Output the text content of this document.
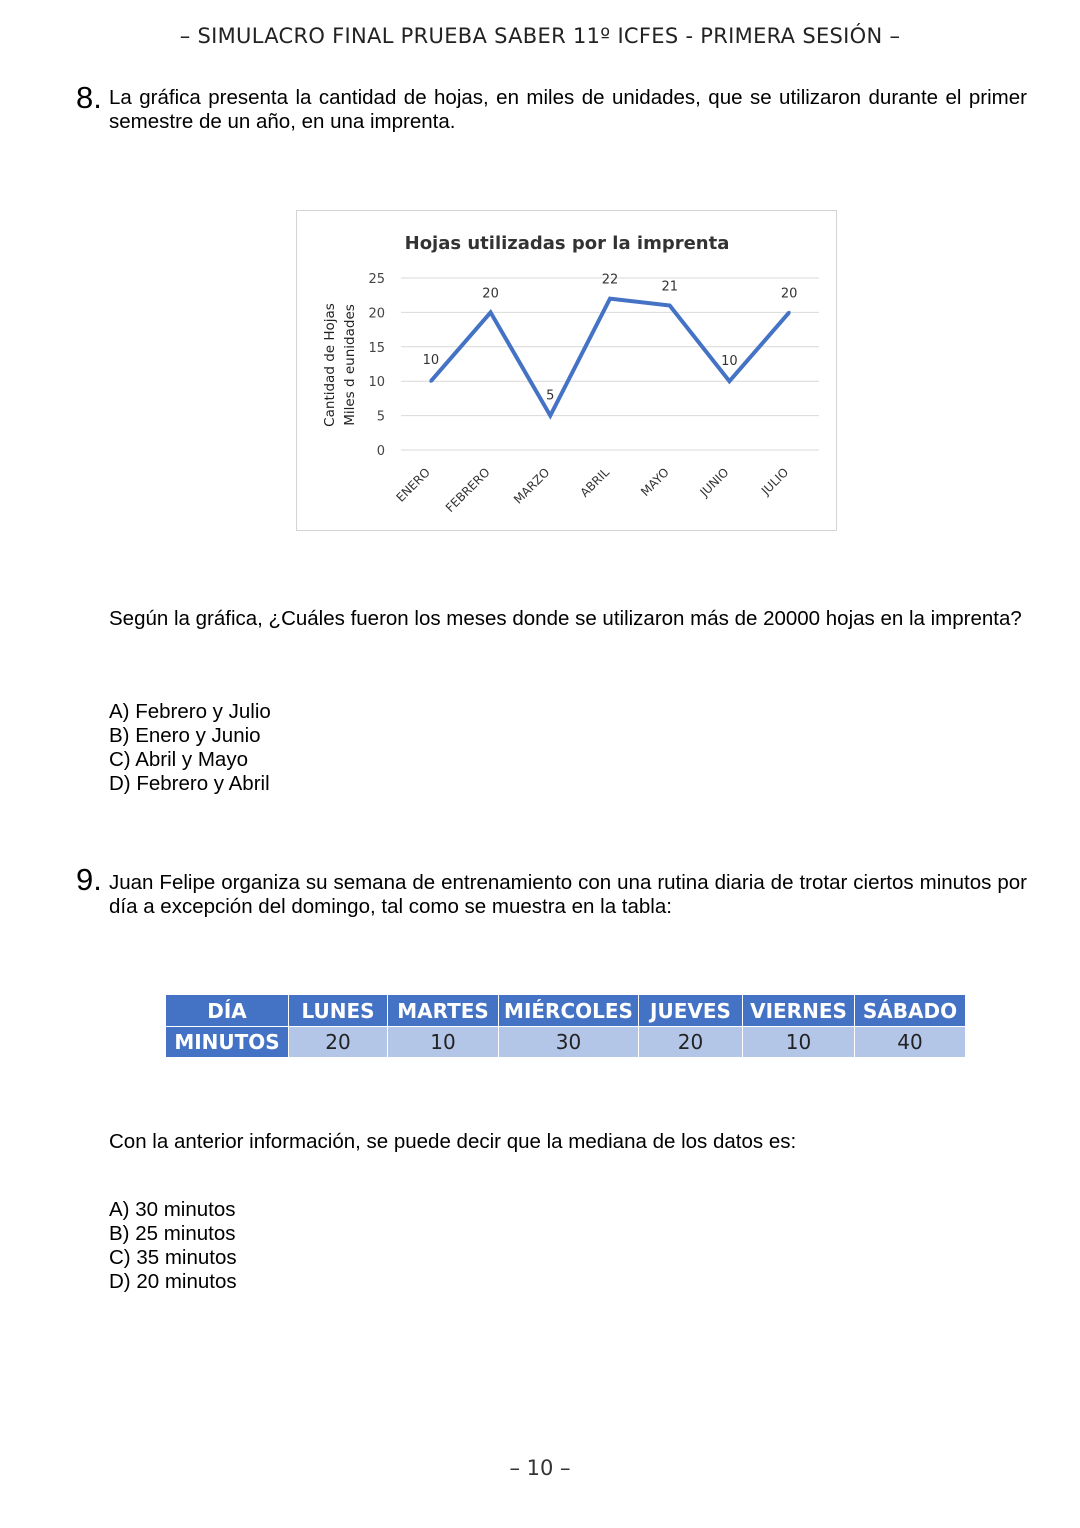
– SIMULACRO FINAL PRUEBA SABER 11º ICFES - PRIMERA SESIÓN –
8. La gráfica presenta la cantidad de hojas, en miles de unidades, que se utilizaron durante el primer semestre de un año, en una imprenta.
Hojas utilizadas por la imprenta
Cantidad de Hojas Miles d eunidades
0
5
10
15
20
25
ENERO FEBRERO MARZO ABRIL MAYO JUNIO JULIO
10
20
5
22	21
10
20
Según la gráfica, ¿Cuáles fueron los meses donde se utilizaron más de 20000 hojas en la imprenta?
A) Febrero y Julio
B) Enero y Junio
C) Abril y Mayo
D) Febrero y Abril
9. Juan Felipe organiza su semana de entrenamiento con una rutina diaria de trotar ciertos minutos por día a excepción del domingo, tal como se muestra en la tabla:
DÍA	LUNES	MARTES	MIÉRCOLES	JUEVES	VIERNES	SÁBADO
MINUTOS	20	10	30	20	10	40
Con la anterior información, se puede decir que la mediana de los datos es:
A) 30 minutos
B) 25 minutos
C) 35 minutos
D) 20 minutos
– 10 –
